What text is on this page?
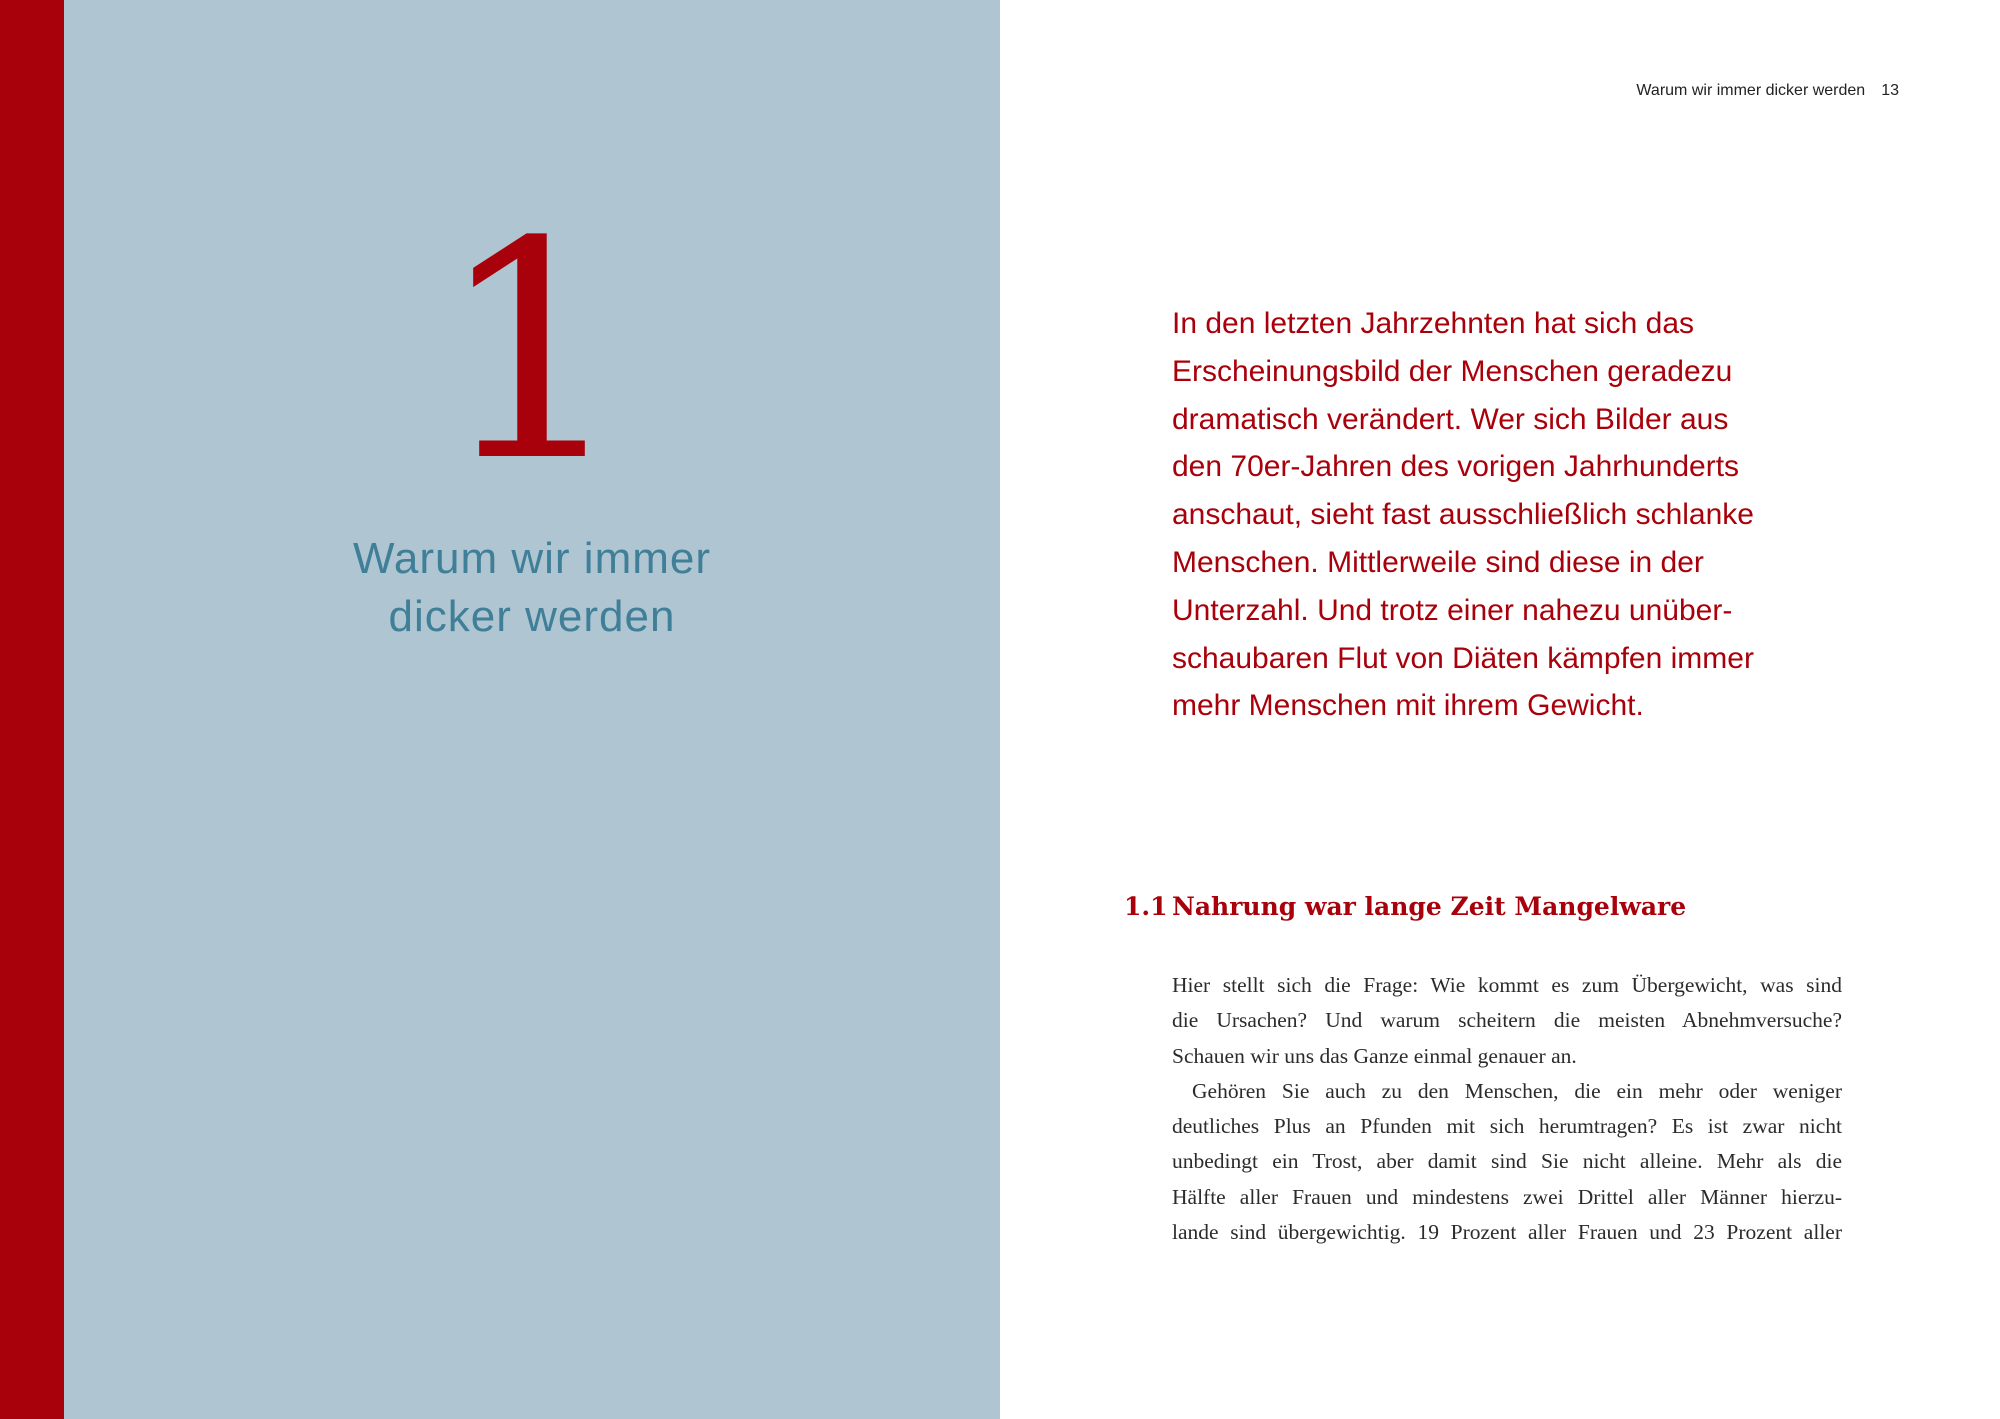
1
Warum wir immer
dicker werden
Warum wir immer dicker werden 13
In den letzten Jahrzehnten hat sich das
Erscheinungsbild der Menschen geradezu
dramatisch verändert. Wer sich Bilder aus
den 70er-Jahren des vorigen Jahrhunderts
anschaut, sieht fast ausschließlich schlanke
Menschen. Mittlerweile sind diese in der
Unterzahl. Und trotz einer nahezu unüber-
schaubaren Flut von Diäten kämpfen immer
mehr Menschen mit ihrem Gewicht.
1.1 Nahrung war lange Zeit Mangelware
Hier stellt sich die Frage: Wie kommt es zum Übergewicht, was sind
die Ursachen? Und warum scheitern die meisten Abnehmversuche?
Schauen wir uns das Ganze einmal genauer an.
Gehören Sie auch zu den Menschen, die ein mehr oder weniger
deutliches Plus an Pfunden mit sich herumtragen? Es ist zwar nicht
unbedingt ein Trost, aber damit sind Sie nicht alleine. Mehr als die
Hälfte aller Frauen und mindestens zwei Drittel aller Männer hierzu-
lande sind übergewichtig. 19 Prozent aller Frauen und 23 Prozent aller
